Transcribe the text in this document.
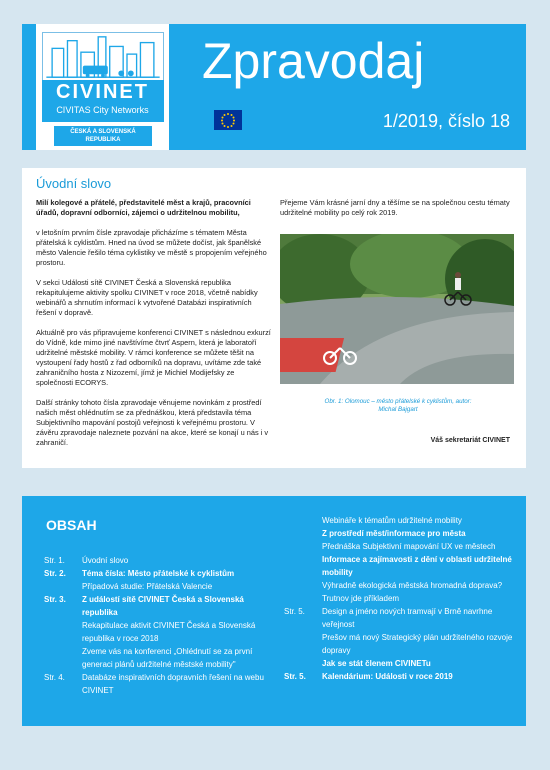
CIVINET
CIVITAS City Networks
ČESKÁ A SLOVENSKÁ REPUBLIKA
Zpravodaj
1/2019, číslo 18
Úvodní slovo

Milí kolegové a přátelé, představitelé měst a krajů, pracovníci úřadů, dopravní odborníci, zájemci o udržitelnou mobilitu,

v letošním prvním čísle zpravodaje přicházíme s tématem Města přátelská k cyklistům. Hned na úvod se můžete dočíst, jak španělské město Valencie řešilo téma cyklistiky ve městě s propojením veřejného prostoru.

V sekci Události sítě CIVINET Česká a Slovenská republika rekapitulujeme aktivity spolku CIVINET v roce 2018, včetně nabídky webinářů a shrnutím informací k vytvořené Databázi inspirativních řešení v dopravě.

Aktuálně pro vás připravujeme konferenci CIVINET s následnou exkurzí do Vídně, kde mimo jiné navštívíme čtvrť Aspern, která je laboratoří udržitelné městské mobility. V rámci konference se můžete těšit na vystoupení řady hostů z řad odborníků na dopravu, uvítáme zde také zahraničního hosta z Nizozemí, jímž je Michiel Modijefsky ze společnosti ECORYS.

Další stránky tohoto čísla zpravodaje věnujeme novinkám z prostředí našich měst ohlédnutím se za přednáškou, která představila téma Subjektivního mapování postojů veřejnosti k veřejnému prostoru. V závěru zpravodaje naleznete pozvání na akce, které se konají u nás i v zahraničí.

Přejeme Vám krásné jarní dny a těšíme se na společnou cestu tématy udržitelné mobility po celý rok 2019.

Obr. 1: Olomouc – město přátelské k cyklistům, autor: Michal Bajgart
Váš sekretariát CIVINET
OBSAH
Str. 1.	Úvodní slovo
Str. 2.	Téma čísla: Město přátelské k cyklistům
Případová studie: Přátelská Valencie
Str. 3.	Z událostí sítě CIVINET Česká a Slovenská republika
Rekapitulace aktivit CIVINET Česká a Slovenská republika v roce 2018
Zveme vás na konferenci „Ohlédnutí se za první generaci plánů udržitelné městské mobility"
Str. 4.	Databáze inspirativních dopravních řešení na webu CIVINET
Webináře k tématům udržitelné mobility
Z prostředí měst/informace pro města
Přednáška Subjektivní mapování UX ve městech
Informace a zajímavosti z dění v oblasti udržitelné mobility
Výhradně ekologická městská hromadná doprava? Trutnov jde příkladem
Str. 5.	Design a jméno nových tramvají v Brně navrhne veřejnost
Prešov má nový Strategický plán udržitelného rozvoje dopravy
Jak se stát členem CIVINETu
Str. 5.	Kalendárium: Události v roce 2019
